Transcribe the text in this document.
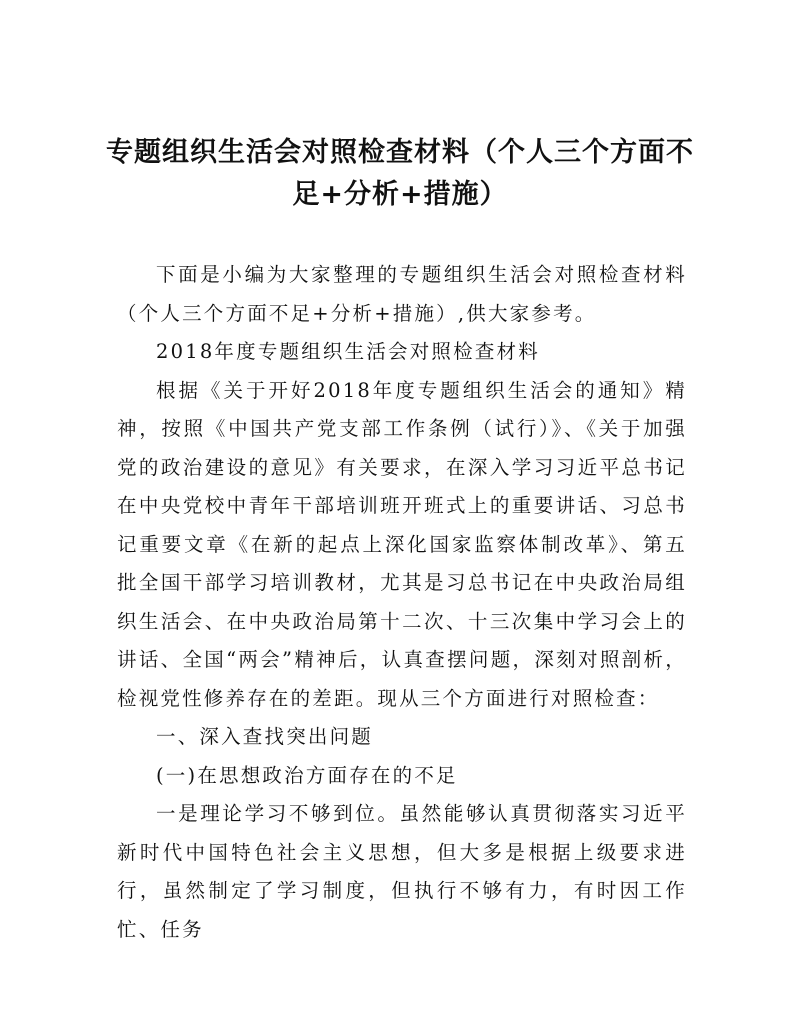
专题组织生活会对照检查材料（个人三个方面不足+分析+措施）

下面是小编为大家整理的专题组织生活会对照检查材料（个人三个方面不足+分析+措施）,供大家参考。

2018年度专题组织生活会对照检查材料

根据《关于开好2018年度专题组织生活会的通知》精神，按照《中国共产党支部工作条例（试行）》、《关于加强党的政治建设的意见》有关要求，在深入学习习近平总书记在中央党校中青年干部培训班开班式上的重要讲话、习总书记重要文章《在新的起点上深化国家监察体制改革》、第五批全国干部学习培训教材，尤其是习总书记在中央政治局组织生活会、在中央政治局第十二次、十三次集中学习会上的讲话、全国“两会”精神后，认真查摆问题，深刻对照剖析，检视党性修养存在的差距。现从三个方面进行对照检查：

一、深入查找突出问题

(一)在思想政治方面存在的不足

一是理论学习不够到位。虽然能够认真贯彻落实习近平新时代中国特色社会主义思想，但大多是根据上级要求进行，虽然制定了学习制度，但执行不够有力，有时因工作忙、任务
